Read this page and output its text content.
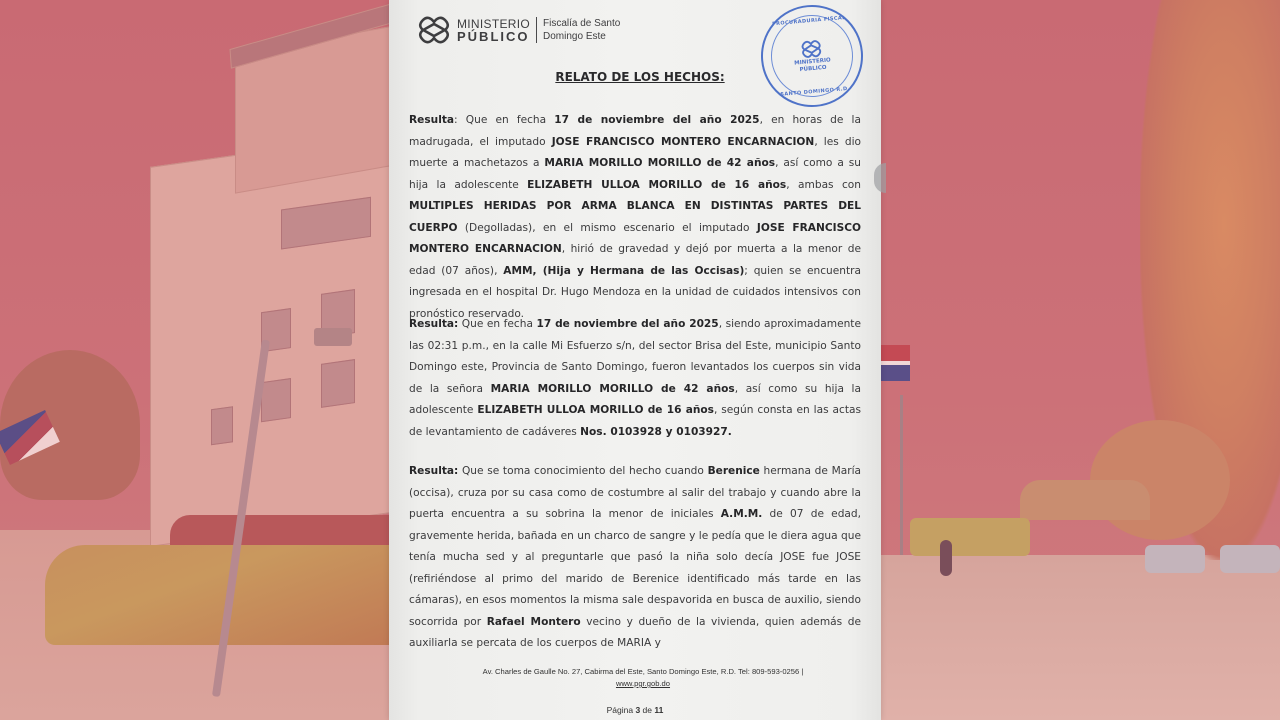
MINISTERIO
PÚBLICO
Fiscalía de Santo
Domingo Este
PROCURADURIA FISCAL
MINISTERIO
PÚBLICO
SANTO DOMINGO R.D.
RELATO DE LOS HECHOS:

Resulta: Que en fecha 17 de noviembre del año 2025, en horas de la madrugada, el imputado JOSE FRANCISCO MONTERO ENCARNACION, les dio muerte a machetazos a MARIA MORILLO MORILLO de 42 años, así como a su hija la adolescente ELIZABETH ULLOA MORILLO de 16 años, ambas con MULTIPLES HERIDAS POR ARMA BLANCA EN DISTINTAS PARTES DEL CUERPO (Degolladas), en el mismo escenario el imputado JOSE FRANCISCO MONTERO ENCARNACION, hirió de gravedad y dejó por muerta a la menor de edad (07 años), AMM, (Hija y Hermana de las Occisas); quien se encuentra ingresada en el hospital Dr. Hugo Mendoza en la unidad de cuidados intensivos con pronóstico reservado.

Resulta: Que en fecha 17 de noviembre del año 2025, siendo aproximadamente las 02:31 p.m., en la calle Mi Esfuerzo s/n, del sector Brisa del Este, municipio Santo Domingo este, Provincia de Santo Domingo, fueron levantados los cuerpos sin vida de la señora MARIA MORILLO MORILLO de 42 años, así como su hija la adolescente ELIZABETH ULLOA MORILLO de 16 años, según consta en las actas de levantamiento de cadáveres Nos. 0103928 y 0103927.

Resulta: Que se toma conocimiento del hecho cuando Berenice hermana de María (occisa), cruza por su casa como de costumbre al salir del trabajo y cuando abre la puerta encuentra a su sobrina la menor de iniciales A.M.M. de 07 de edad, gravemente herida, bañada en un charco de sangre y le pedía que le diera agua que tenía mucha sed y al preguntarle que pasó la niña solo decía JOSE fue JOSE (refiriéndose al primo del marido de Berenice identificado más tarde en las cámaras), en esos momentos la misma sale despavorida en busca de auxilio, siendo socorrida por Rafael Montero vecino y dueño de la vivienda, quien además de auxiliarla se percata de los cuerpos de MARIA y

Av. Charles de Gaulle No. 27, Cabirma del Este, Santo Domingo Este, R.D. Tel: 809-593-0256 |
www.pgr.gob.do
Página 3 de 11
